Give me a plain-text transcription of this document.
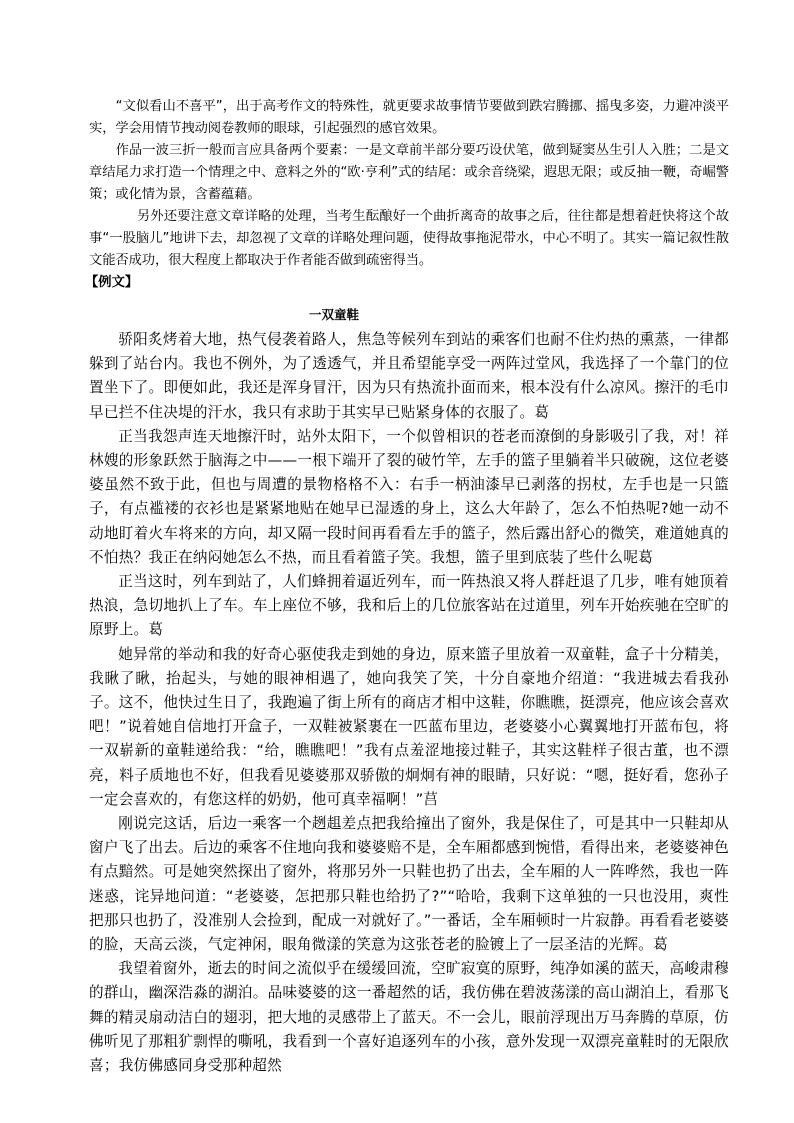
“文似看山不喜平”，出于高考作文的特殊性，就更要求故事情节要做到跌宕腾挪、摇曳多姿，力避冲淡平实，学会用情节拽动阅卷教师的眼球，引起强烈的感官效果。

作品一波三折一般而言应具备两个要素：一是文章前半部分要巧设伏笔，做到疑窦丛生引人入胜；二是文章结尾力求打造一个情理之中、意料之外的“欧·亨利”式的结尾：或余音绕梁，遐思无限；或反抽一鞭，奇崛警策；或化情为景，含蓄蕴藉。

另外还要注意文章详略的处理，当考生酝酿好一个曲折离奇的故事之后，往往都是想着赶快将这个故事“一股脑儿”地讲下去，却忽视了文章的详略处理问题，使得故事拖泥带水，中心不明了。其实一篇记叙性散文能否成功，很大程度上都取决于作者能否做到疏密得当。

【例文】
一双童鞋

骄阳炙烤着大地，热气侵袭着路人，焦急等候列车到站的乘客们也耐不住灼热的熏蒸，一律都躲到了站台内。我也不例外，为了透透气，并且希望能享受一两阵过堂风，我选择了一个靠门的位置坐下了。即便如此，我还是浑身冒汗，因为只有热流扑面而来，根本没有什么凉风。擦汗的毛巾早已拦不住决堤的汗水，我只有求助于其实早已贴紧身体的衣服了。葛

正当我怨声连天地擦汗时，站外太阳下，一个似曾相识的苍老而潦倒的身影吸引了我，对！祥林嫂的形象跃然于脑海之中——一根下端开了裂的破竹竿，左手的篮子里躺着半只破碗，这位老婆婆虽然不致于此，但也与周遭的景物格格不入：右手一柄油漆早已剥落的拐杖，左手也是一只篮子，有点褴褛的衣衫也是紧紧地贴在她早已湿透的身上，这么大年龄了，怎么不怕热呢?她一动不动地盯着火车将来的方向，却又隔一段时间再看看左手的篮子，然后露出舒心的微笑，难道她真的不怕热？我正在纳闷她怎么不热，而且看着篮子笑。我想，篮子里到底装了些什么呢葛

正当这时，列车到站了，人们蜂拥着逼近列车，而一阵热浪又将人群赶退了几步，唯有她顶着热浪，急切地扒上了车。车上座位不够，我和后上的几位旅客站在过道里，列车开始疾驰在空旷的原野上。葛

她异常的举动和我的好奇心驱使我走到她的身边，原来篮子里放着一双童鞋，盒子十分精美，我瞅了瞅，抬起头，与她的眼神相遇了，她向我笑了笑，十分自豪地介绍道：“我进城去看我孙子。这不，他快过生日了，我跑遍了街上所有的商店才相中这鞋，你瞧瞧，挺漂亮，他应该会喜欢吧！”说着她自信地打开盒子，一双鞋被紧裹在一匹蓝布里边，老婆婆小心翼翼地打开蓝布包，将一双崭新的童鞋递给我：“给，瞧瞧吧！”我有点羞涩地接过鞋子，其实这鞋样子很古董，也不漂亮，料子质地也不好，但我看见婆婆那双骄傲的炯炯有神的眼睛，只好说：“嗯，挺好看，您孙子一定会喜欢的，有您这样的奶奶，他可真幸福啊！”莒

刚说完这话，后边一乘客一个趔趄差点把我给撞出了窗外，我是保住了，可是其中一只鞋却从窗户飞了出去。后边的乘客不住地向我和婆婆赔不是，全车厢都感到惋惜，看得出来，老婆婆神色有点黯然。可是她突然探出了窗外，将那另外一只鞋也扔了出去，全车厢的人一阵哗然，我也一阵迷惑，诧异地问道：“老婆婆，怎把那只鞋也给扔了?”“哈哈，我剩下这单独的一只也没用，爽性把那只也扔了，没准别人会捡到，配成一对就好了。”一番话，全车厢顿时一片寂静。再看看老婆婆的脸，天高云淡，气定神闲，眼角微漾的笑意为这张苍老的脸镀上了一层圣洁的光辉。葛

我望着窗外，逝去的时间之流似乎在缓缓回流，空旷寂寞的原野，纯净如溪的蓝天，高峻肃穆的群山，幽深浩淼的湖泊。品味婆婆的这一番超然的话，我仿佛在碧波荡漾的高山湖泊上，看那飞舞的精灵扇动洁白的翅羽，把大地的灵感带上了蓝天。不一会儿，眼前浮现出万马奔腾的草原，仿佛听见了那粗犷剽悍的嘶吼，我看到一个喜好追逐列车的小孩，意外发现一双漂亮童鞋时的无限欣喜；我仿佛感同身受那种超然
